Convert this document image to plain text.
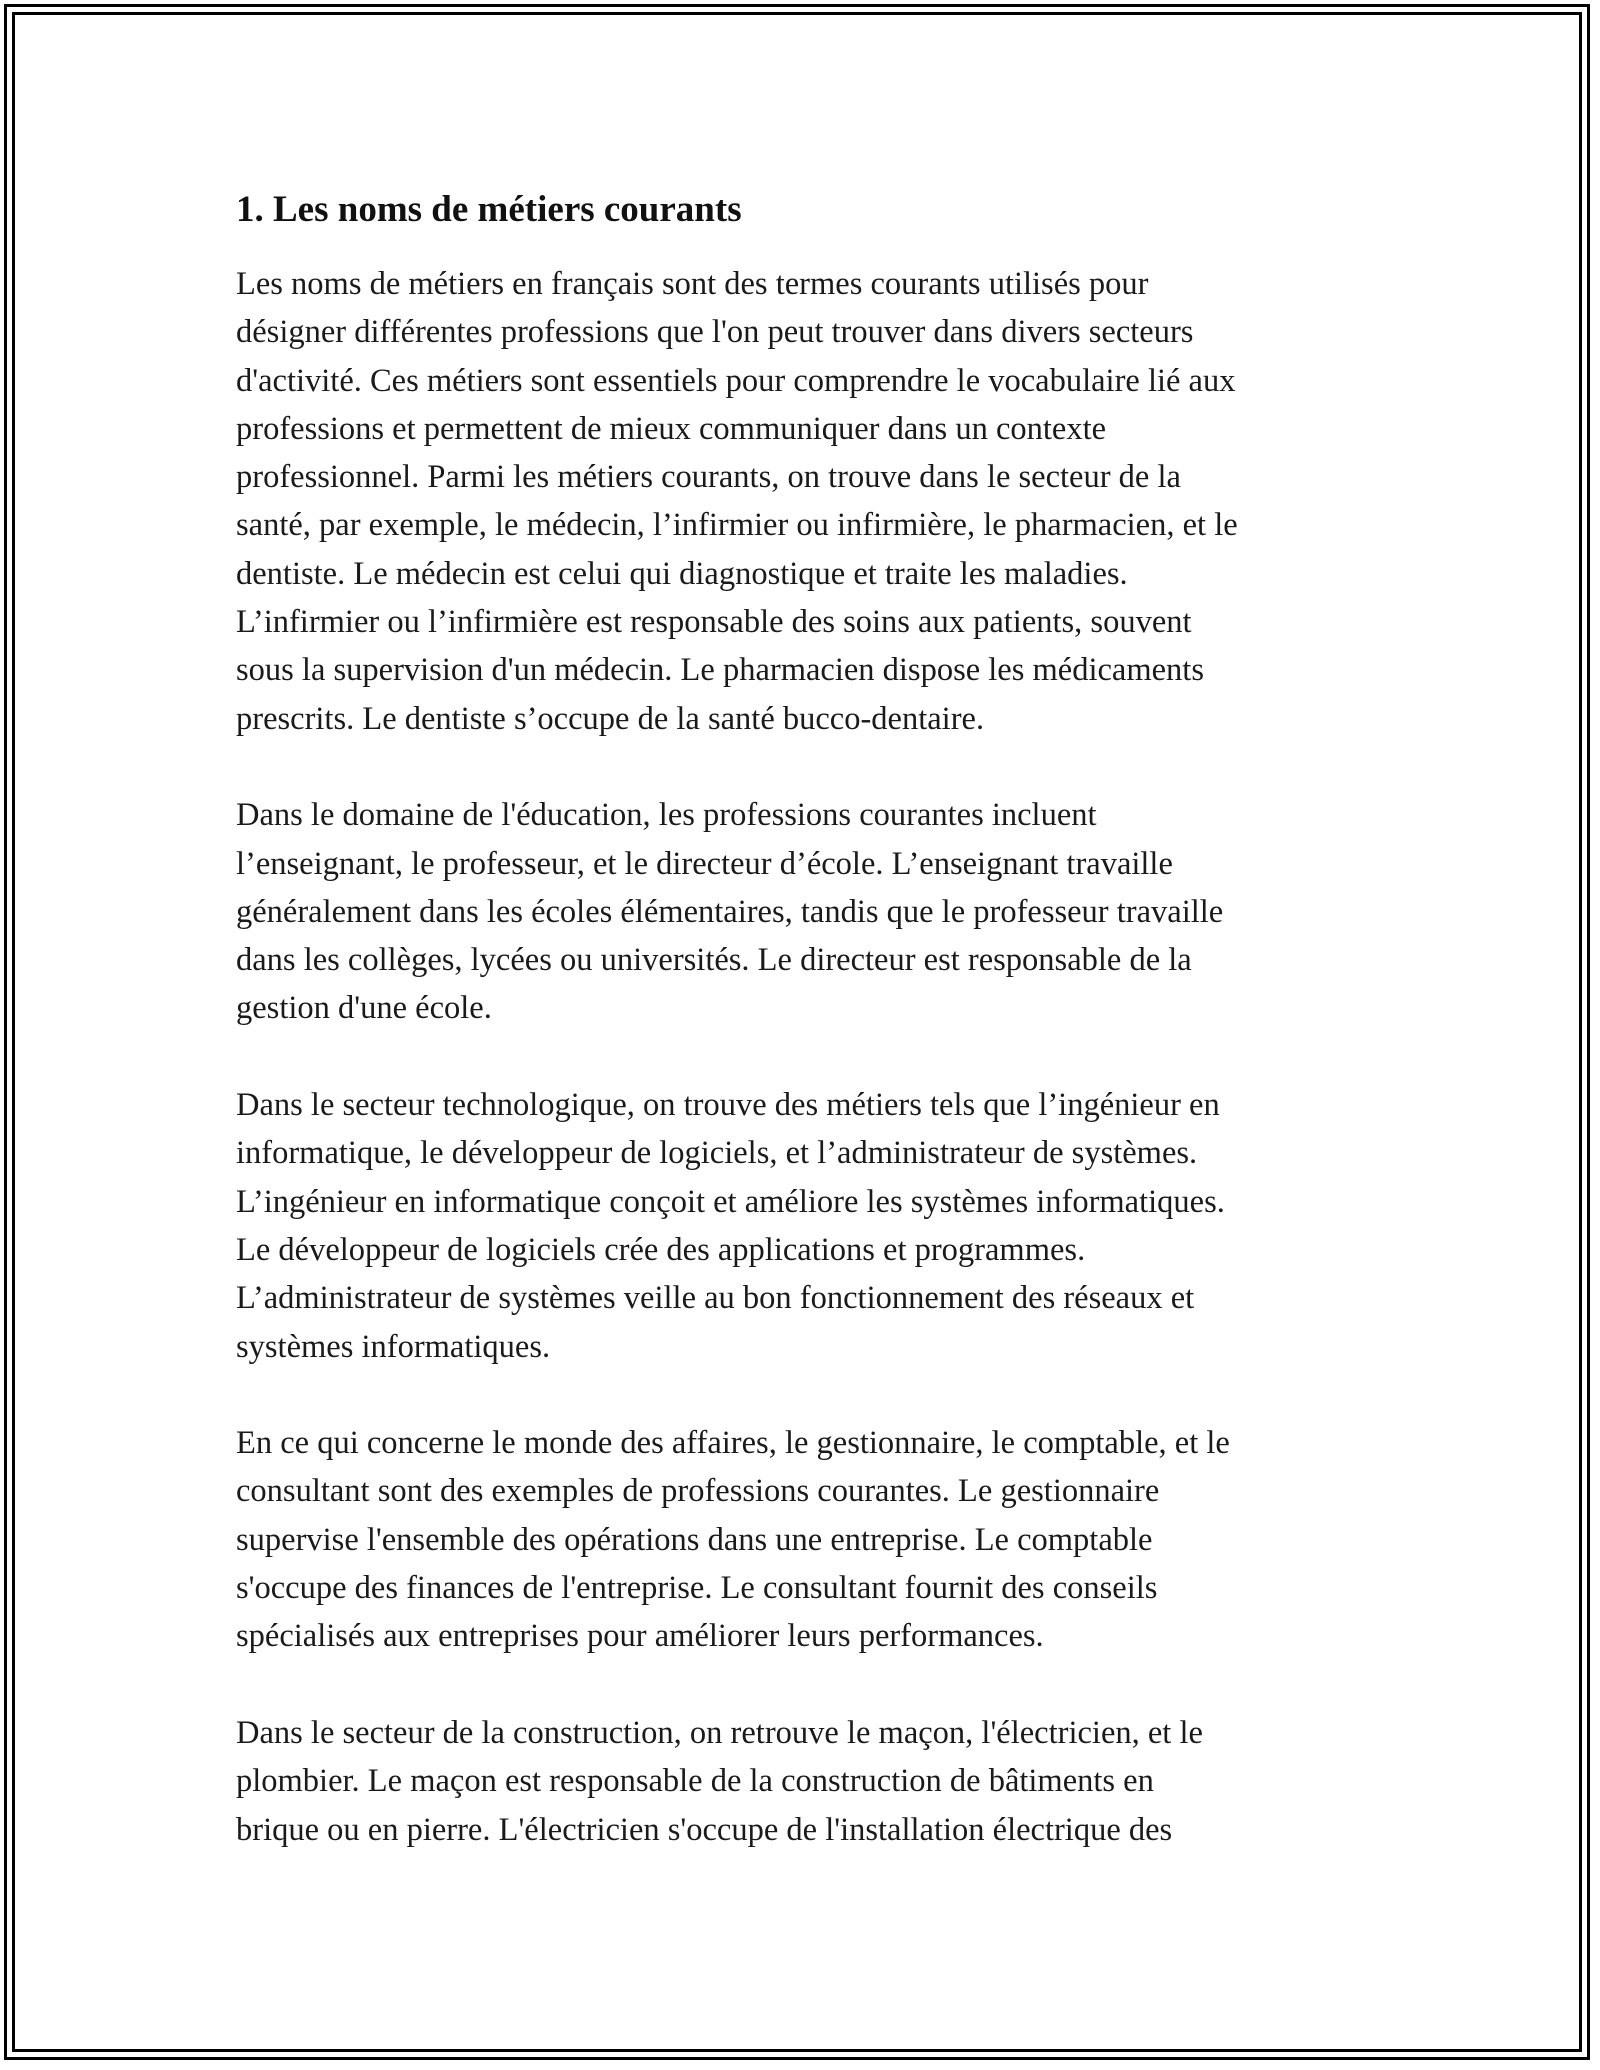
1. Les noms de métiers courants

Les noms de métiers en français sont des termes courants utilisés pour
désigner différentes professions que l'on peut trouver dans divers secteurs
d'activité. Ces métiers sont essentiels pour comprendre le vocabulaire lié aux
professions et permettent de mieux communiquer dans un contexte
professionnel. Parmi les métiers courants, on trouve dans le secteur de la
santé, par exemple, le médecin, l’infirmier ou infirmière, le pharmacien, et le
dentiste. Le médecin est celui qui diagnostique et traite les maladies.
L’infirmier ou l’infirmière est responsable des soins aux patients, souvent
sous la supervision d'un médecin. Le pharmacien dispose les médicaments
prescrits. Le dentiste s’occupe de la santé bucco-dentaire.

Dans le domaine de l'éducation, les professions courantes incluent
l’enseignant, le professeur, et le directeur d’école. L’enseignant travaille
généralement dans les écoles élémentaires, tandis que le professeur travaille
dans les collèges, lycées ou universités. Le directeur est responsable de la
gestion d'une école.

Dans le secteur technologique, on trouve des métiers tels que l’ingénieur en
informatique, le développeur de logiciels, et l’administrateur de systèmes.
L’ingénieur en informatique conçoit et améliore les systèmes informatiques.
Le développeur de logiciels crée des applications et programmes.
L’administrateur de systèmes veille au bon fonctionnement des réseaux et
systèmes informatiques.

En ce qui concerne le monde des affaires, le gestionnaire, le comptable, et le
consultant sont des exemples de professions courantes. Le gestionnaire
supervise l'ensemble des opérations dans une entreprise. Le comptable
s'occupe des finances de l'entreprise. Le consultant fournit des conseils
spécialisés aux entreprises pour améliorer leurs performances.

Dans le secteur de la construction, on retrouve le maçon, l'électricien, et le
plombier. Le maçon est responsable de la construction de bâtiments en
brique ou en pierre. L'électricien s'occupe de l'installation électrique des
